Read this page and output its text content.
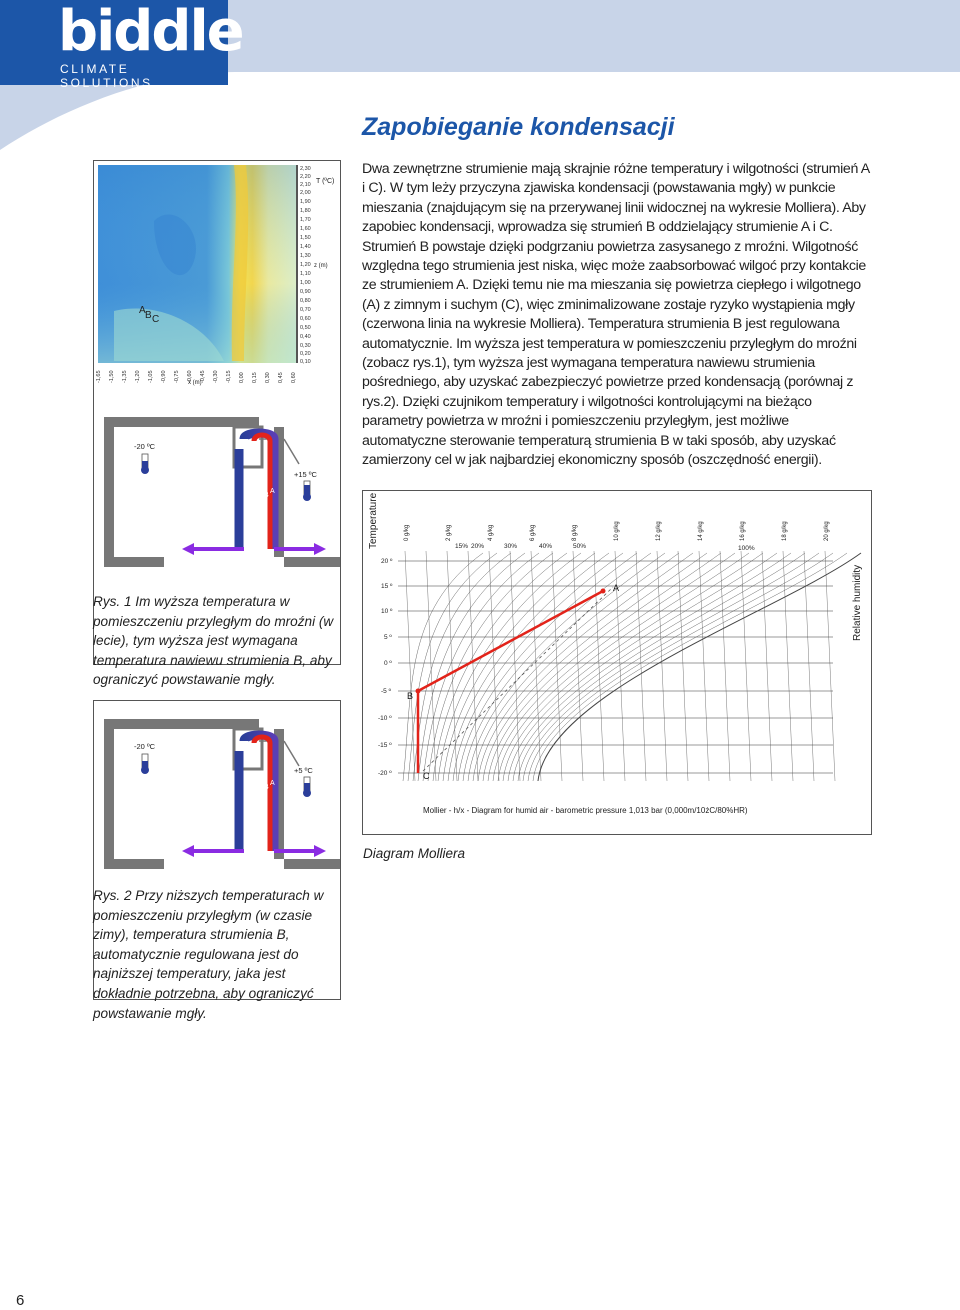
biddle
CLIMATE SOLUTIONS
Zapobieganie kondensacji

Dwa zewnętrzne strumienie mają skrajnie różne temperatury i wilgotności (strumień A i C). W tym leży przyczyna zjawiska kondensacji (powstawania mgły) w punkcie mieszania (znajdującym się na przerywanej linii widocznej na wykresie Molliera). Aby zapobiec kondensacji, wprowadza się strumień B oddzielający strumienie A i C. Strumień B powstaje dzięki podgrzaniu powietrza zasysanego z mroźni. Wilgotność względna tego strumienia jest niska, więc może zaabsorbować wilgoć przy kontakcie ze strumieniem A. Dzięki temu nie ma mieszania się powietrza ciepłego i wilgotnego (A) z zimnym i suchym (C), więc zminimalizowane zostaje ryzyko wystąpienia mgły (czerwona linia na wykresie Molliera). Temperatura strumienia B jest regulowana automatycznie. Im wyższa jest temperatura w pomieszczeniu przyległym do mroźni (zobacz rys.1), tym wyższa jest wymagana temperatura nawiewu strumienia pośredniego, aby uzyskać zabezpieczyć powietrze przed kondensacją (porównaj z rys.2). Dzięki czujnikom temperatury i wilgotności kontrolującymi na bieżąco parametry powietrza w mroźni i pomieszczeniu przyległym, jest możliwe automatyczne sterowanie temperaturą strumienia B w taki sposób, aby uzyskać zamierzony cel w jak najbardziej ekonomiczny sposób (oszczędność energii).

A B C
2,30
2,20
2,10
2,00
1,90
1,80
1,70
1,60
1,50
1,40
1,30
1,20
1,10
1,00
0,90
0,80
0,70
0,60
0,50
0,40
0,30
0,20
0,10
T (ºC)
z (m)
-1,65 -1,50 -1,35 -1,20 -1,05 -0,90 -0,75 -0,60 -0,45 -0,30 -0,15 0,00 0,15 0,30 0,45 0,60
x (m)
-20 ºC
+15 ºC
C
B
A
Rys. 1 Im wyższa temperatura w pomieszczeniu przyległym do mroźni (w lecie), tym wyższa jest wymagana temperatura nawiewu strumienia B, aby ograniczyć powstawanie mgły.
-20 ºC
+5 ºC
C
B
A
Rys. 2 Przy niższych temperaturach w pomieszczeniu przyległym (w czasie zimy), temperatura strumienia B, automatycznie regulowana jest do najniższej temperatury, jaka jest dokładnie potrzebna, aby ograniczyć powstawanie mgły.
B
C
A
20 º
15 º
10 º
5 º
0 º
-5 º
-10 º
-15 º
-20 º
Temperature
Relative humidity
0 g/kg	2 g/kg	4 g/kg	6 g/kg	8 g/kg	10 g/kg	12 g/kg	14 g/kg	16 g/kg	18 g/kg	20 g/kg
15% 20%	30%	40%	50%	100%
Mollier - h/x - Diagram for humid air - barometric pressure 1,013 bar (0,000m/10żC/80%HR)
Diagram Molliera
6
